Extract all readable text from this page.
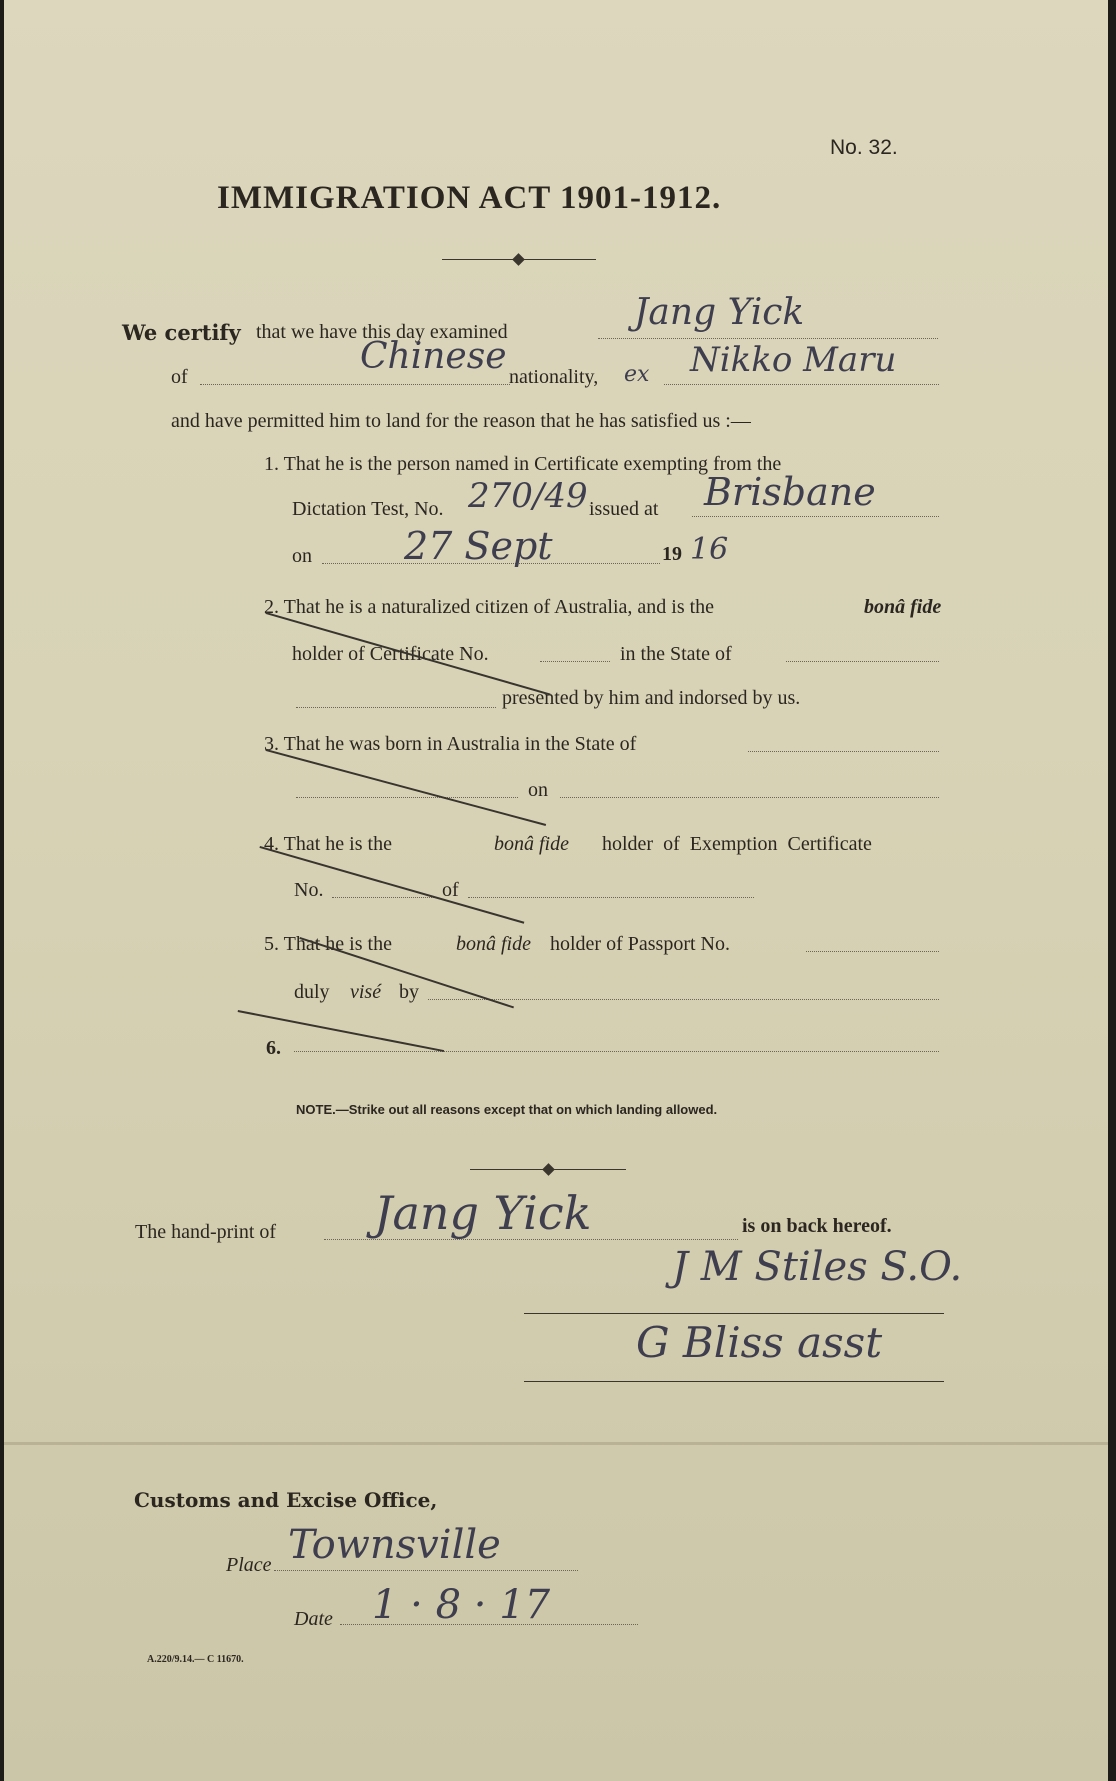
No. 32.
IMMIGRATION ACT 1901-1912.
We certify that we have this day examined	Jang Yick
of	Chinese nationality, ex Nikko Maru
and have permitted him to land for the reason that he has satisfied us :—
1. That he is the person named in Certificate exempting from the
Dictation Test, No. 270/49 issued at Brisbane
on 27 Sept	19 16
2. That he is a naturalized citizen of Australia, and is the	bonâ fide
holder of Certificate No.	in the State of
presented by him and indorsed by us.
3. That he was born in Australia in the State of
on
4. That he is the	bonâ fide holder of Exemption Certificate
No.	of
5. That he is the	bonâ fide holder of Passport No.
duly visé by
6.
NOTE.—Strike out all reasons except that on which landing allowed.
The hand-print of Jang Yick	is on back hereof.
J M Stiles S.O.
G Bliss asst
Customs and Excise Office,
Place Townsville
Date 1 · 8 · 17
A.220/9.14.— C 11670.
